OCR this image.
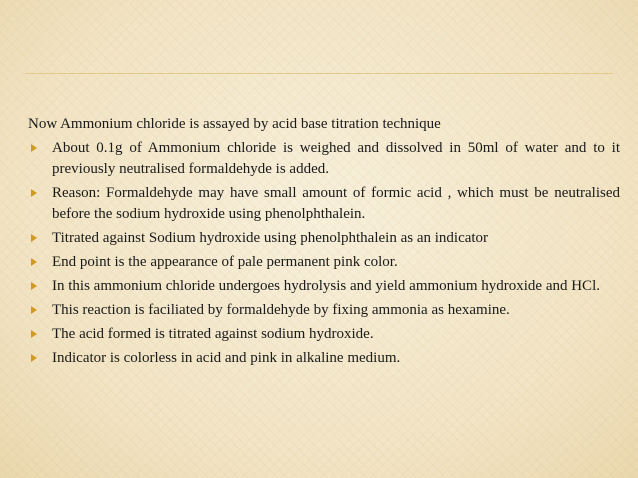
Now Ammonium chloride is assayed by acid base titration technique

About 0.1g of Ammonium chloride is weighed and dissolved in 50ml of water and to it previously neutralised formaldehyde is added.
Reason: Formaldehyde may have small amount of formic acid , which must be neutralised before the sodium hydroxide using phenolphthalein.
Titrated against Sodium hydroxide using phenolphthalein as an indicator
End point is the appearance of pale permanent pink color.
In this ammonium chloride undergoes hydrolysis and yield ammonium hydroxide and HCl.
This reaction is faciliated by formaldehyde by fixing ammonia as hexamine.
The acid formed is titrated against sodium hydroxide.
Indicator is colorless in acid and pink in alkaline medium.
